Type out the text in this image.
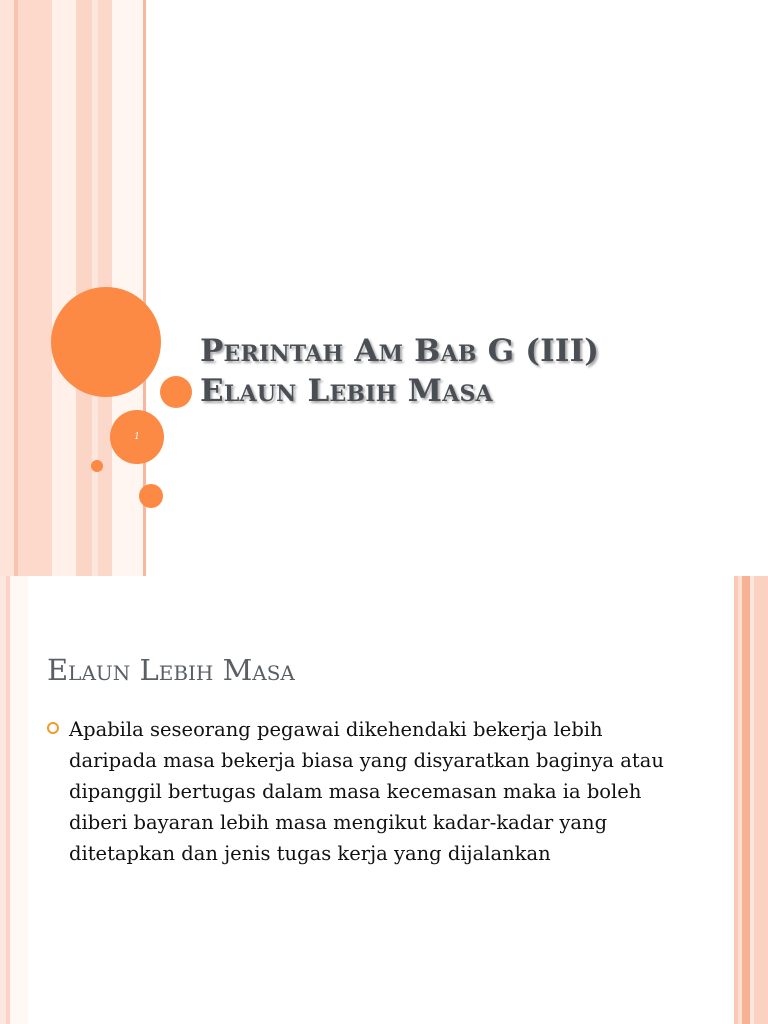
1
Perintah Am Bab G (III)
Elaun Lebih Masa
Elaun Lebih Masa
Apabila seseorang pegawai dikehendaki bekerja lebih daripada masa bekerja biasa yang disyaratkan baginya atau dipanggil bertugas dalam masa kecemasan maka ia boleh diberi bayaran lebih masa mengikut kadar-kadar yang ditetapkan dan jenis tugas kerja yang dijalankan
